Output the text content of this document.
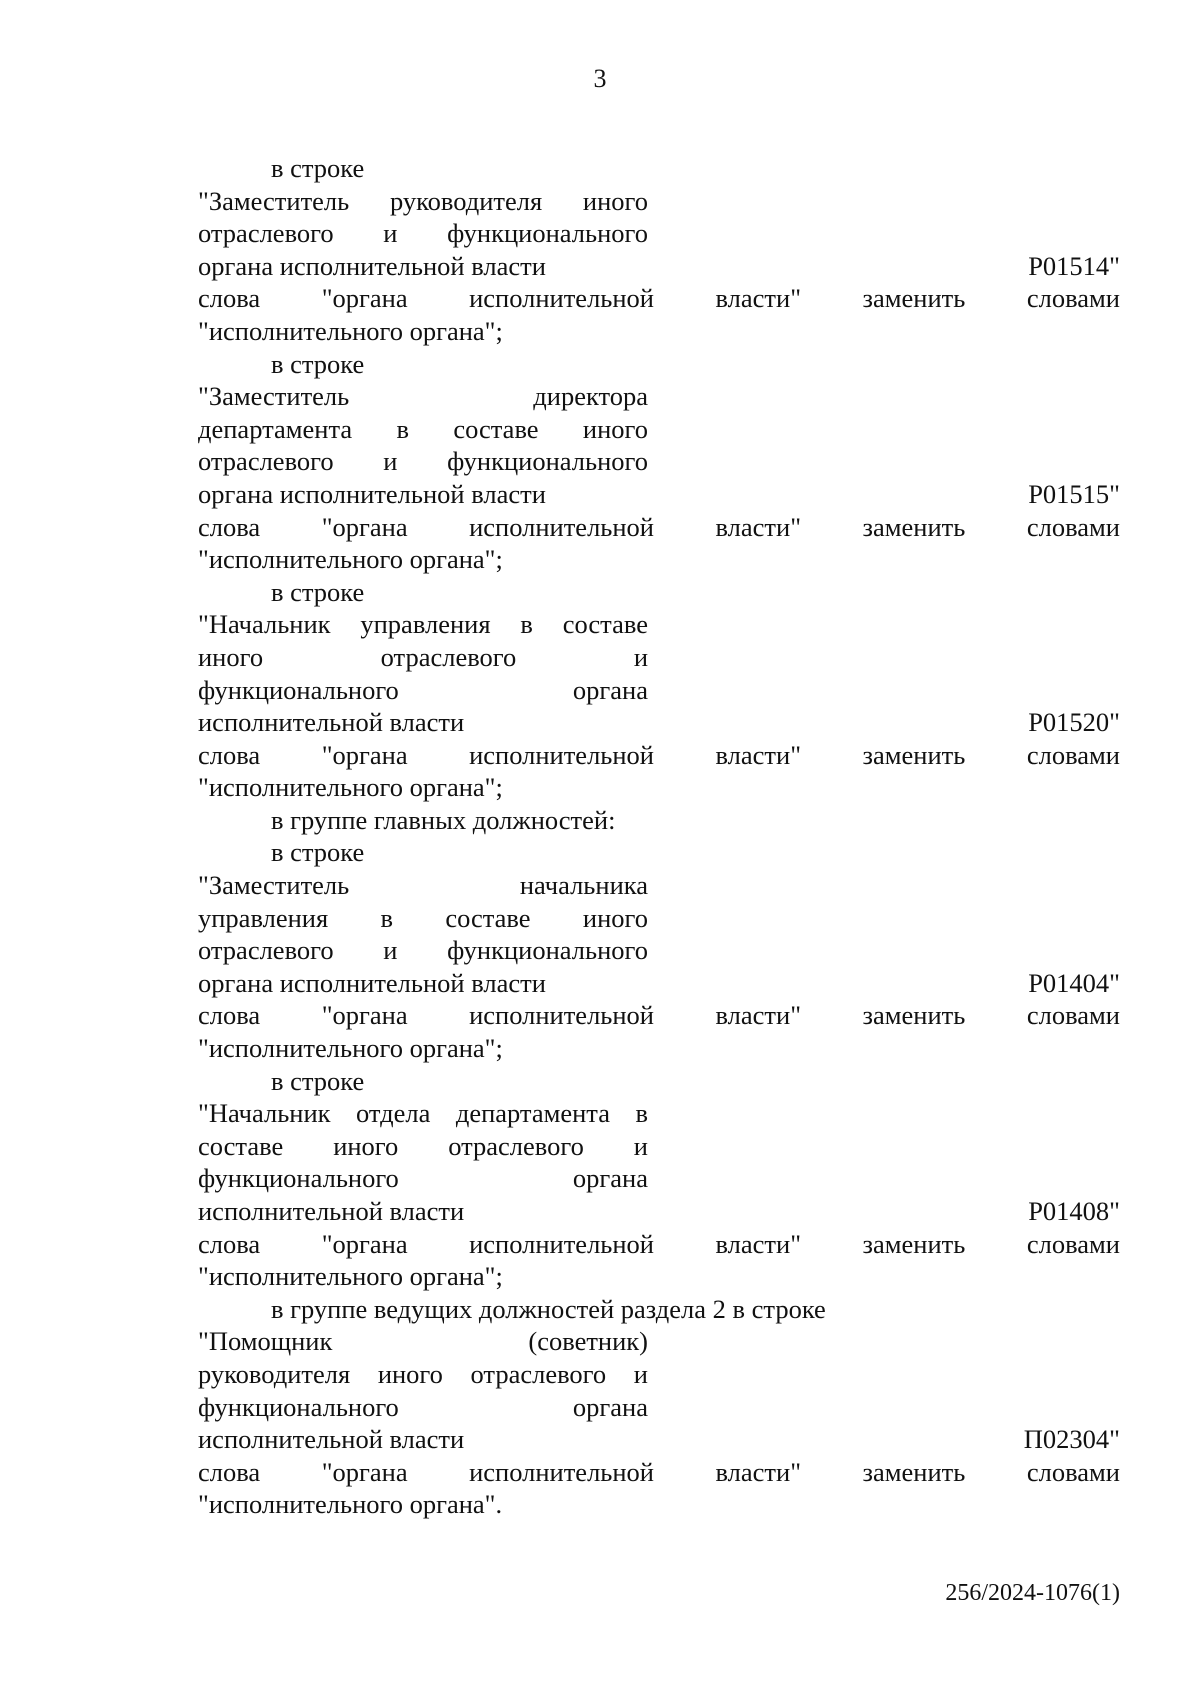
3
в строке
"Заместитель руководителя иного
отраслевого и функционального
органа исполнительной власти	Р01514"
слова "органа исполнительной власти" заменить словами
"исполнительного органа";
в строке
"Заместитель	директора
департамента в составе иного
отраслевого и функционального
органа исполнительной власти	Р01515"
слова "органа исполнительной власти" заменить словами
"исполнительного органа";
в строке
"Начальник управления в составе
иного	отраслевого	и
функционального	органа
исполнительной власти	Р01520"
слова "органа исполнительной власти" заменить словами
"исполнительного органа";
в группе главных должностей:
в строке
"Заместитель	начальника
управления в составе иного
отраслевого и функционального
органа исполнительной власти	Р01404"
слова "органа исполнительной власти" заменить словами
"исполнительного органа";
в строке
"Начальник отдела департамента в
составе иного отраслевого и
функционального	органа
исполнительной власти	Р01408"
слова "органа исполнительной власти" заменить словами
"исполнительного органа";
в группе ведущих должностей раздела 2 в строке
"Помощник	(советник)
руководителя иного отраслевого и
функционального	органа
исполнительной власти	П02304"
слова "органа исполнительной власти" заменить словами
"исполнительного органа".
256/2024-1076(1)
